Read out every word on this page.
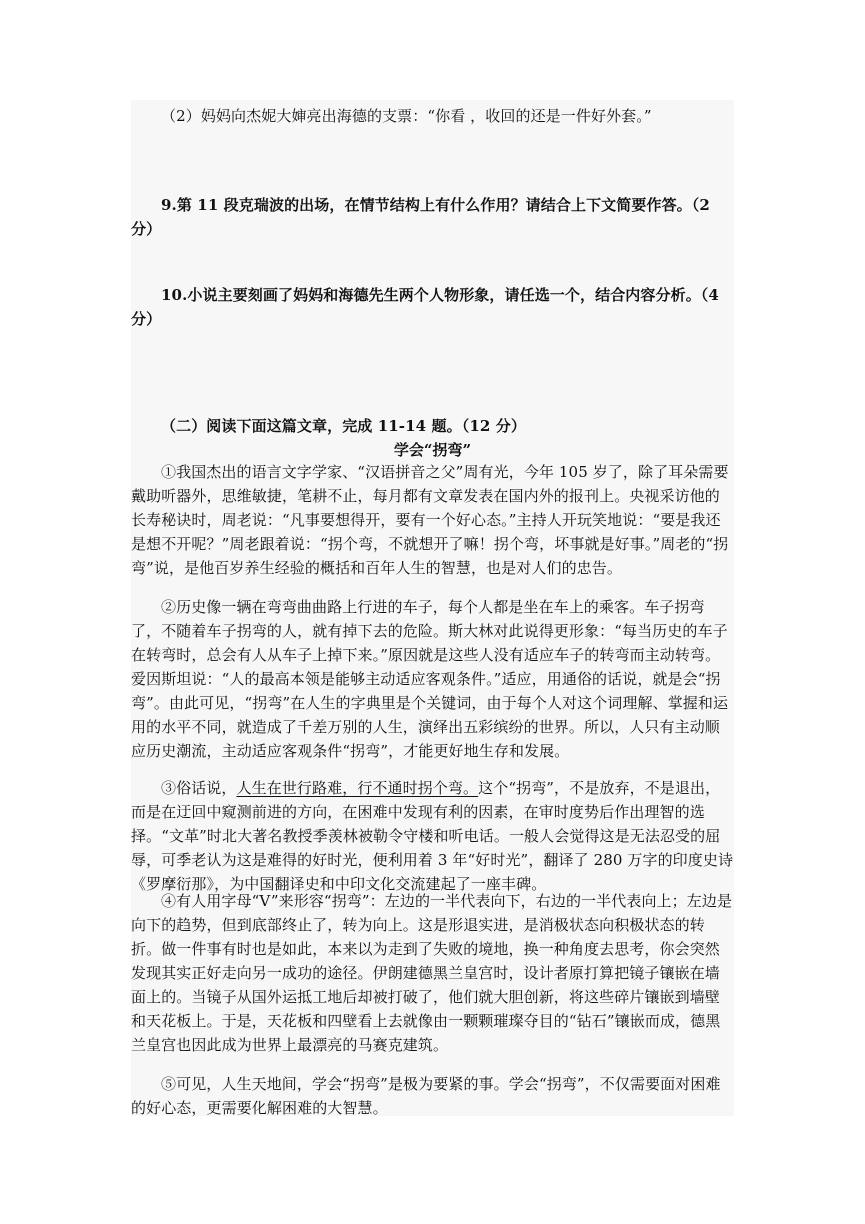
（2）妈妈向杰妮大婶亮出海德的支票：“你看 ，收回的还是一件好外套。”

9.第 11 段克瑞波的出场，在情节结构上有什么作用？请结合上下文简要作答。（2 分）

10.小说主要刻画了妈妈和海德先生两个人物形象，请任选一个，结合内容分析。（4 分）

（二）阅读下面这篇文章，完成 11-14 题。（12 分）

学会“拐弯”

①我国杰出的语言文字学家、“汉语拼音之父”周有光，今年 105 岁了，除了耳朵需要戴助听器外，思维敏捷，笔耕不止，每月都有文章发表在国内外的报刊上。央视采访他的长寿秘诀时，周老说：“凡事要想得开，要有一个好心态。”主持人开玩笑地说：“要是我还是想不开呢？”周老跟着说：“拐个弯，不就想开了嘛！拐个弯，坏事就是好事。”周老的“拐弯”说，是他百岁养生经验的概括和百年人生的智慧，也是对人们的忠告。

②历史像一辆在弯弯曲曲路上行进的车子，每个人都是坐在车上的乘客。车子拐弯了，不随着车子拐弯的人，就有掉下去的危险。斯大林对此说得更形象：“每当历史的车子在转弯时，总会有人从车子上掉下来。”原因就是这些人没有适应车子的转弯而主动转弯。爱因斯坦说：“人的最高本领是能够主动适应客观条件。”适应，用通俗的话说，就是会“拐弯”。由此可见，“拐弯”在人生的字典里是个关键词，由于每个人对这个词理解、掌握和运用的水平不同，就造成了千差万别的人生，演绎出五彩缤纷的世界。所以，人只有主动顺应历史潮流，主动适应客观条件“拐弯”，才能更好地生存和发展。

③俗话说，人生在世行路难，行不通时拐个弯。这个“拐弯”，不是放弃，不是退出，而是在迂回中窥测前进的方向，在困难中发现有利的因素，在审时度势后作出理智的选择。“文革”时北大著名教授季羡林被勒令守楼和听电话。一般人会觉得这是无法忍受的屈辱，可季老认为这是难得的好时光，便利用着 3 年“好时光”，翻译了 280 万字的印度史诗《罗摩衍那》，为中国翻译史和中印文化交流建起了一座丰碑。

④有人用字母“V”来形容“拐弯”：左边的一半代表向下，右边的一半代表向上；左边是向下的趋势，但到底部终止了，转为向上。这是形退实进，是消极状态向积极状态的转折。做一件事有时也是如此，本来以为走到了失败的境地，换一种角度去思考，你会突然发现其实正好走向另一成功的途径。伊朗建德黑兰皇宫时，设计者原打算把镜子镶嵌在墙面上的。当镜子从国外运抵工地后却被打破了，他们就大胆创新，将这些碎片镶嵌到墙壁和天花板上。于是，天花板和四壁看上去就像由一颗颗璀璨夺目的“钻石”镶嵌而成，德黑兰皇宫也因此成为世界上最漂亮的马赛克建筑。

⑤可见，人生天地间，学会“拐弯”是极为要紧的事。学会“拐弯”，不仅需要面对困难的好心态，更需要化解困难的大智慧。
